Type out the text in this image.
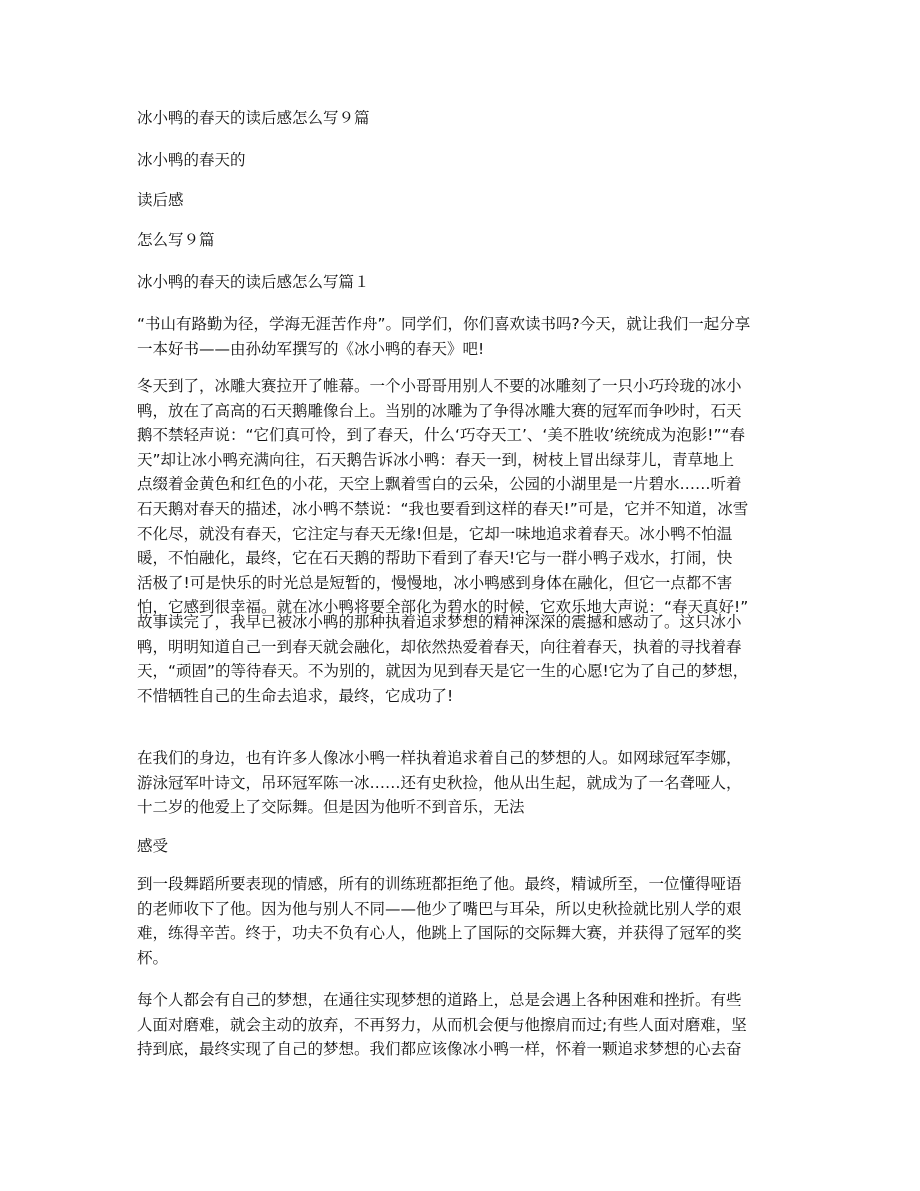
冰小鸭的春天的读后感怎么写９篇
冰小鸭的春天的
读后感
怎么写９篇
冰小鸭的春天的读后感怎么写篇１
“书山有路勤为径，学海无涯苦作舟”。同学们，你们喜欢读书吗?今天，就让我们一起分享
一本好书——由孙幼军撰写的《冰小鸭的春天》吧!
冬天到了，冰雕大赛拉开了帷幕。一个小哥哥用别人不要的冰雕刻了一只小巧玲珑的冰小
鸭，放在了高高的石天鹅雕像台上。当别的冰雕为了争得冰雕大赛的冠军而争吵时，石天
鹅不禁轻声说：“它们真可怜，到了春天，什么‘巧夺天工’、‘美不胜收’统统成为泡影!”“春
天”却让冰小鸭充满向往，石天鹅告诉冰小鸭：春天一到，树枝上冒出绿芽儿，青草地上
点缀着金黄色和红色的小花，天空上飘着雪白的云朵，公园的小湖里是一片碧水……听着
石天鹅对春天的描述，冰小鸭不禁说：“我也要看到这样的春天!”可是，它并不知道，冰雪
不化尽，就没有春天，它注定与春天无缘!但是，它却一味地追求着春天。冰小鸭不怕温
暖，不怕融化，最终，它在石天鹅的帮助下看到了春天!它与一群小鸭子戏水，打闹，快
活极了!可是快乐的时光总是短暂的，慢慢地，冰小鸭感到身体在融化，但它一点都不害
怕，它感到很幸福。就在冰小鸭将要全部化为碧水的时候，它欢乐地大声说：“春天真好!”
故事读完了，我早已被冰小鸭的那种执着追求梦想的精神深深的震撼和感动了。这只冰小
鸭，明明知道自己一到春天就会融化，却依然热爱着春天，向往着春天，执着的寻找着春
天，“顽固”的等待春天。不为别的，就因为见到春天是它一生的心愿!它为了自己的梦想，
不惜牺牲自己的生命去追求，最终，它成功了!
在我们的身边，也有许多人像冰小鸭一样执着追求着自己的梦想的人。如网球冠军李娜，
游泳冠军叶诗文，吊环冠军陈一冰……还有史秋捡，他从出生起，就成为了一名聋哑人，
十二岁的他爱上了交际舞。但是因为他听不到音乐，无法
感受
到一段舞蹈所要表现的情感，所有的训练班都拒绝了他。最终，精诚所至，一位懂得哑语
的老师收下了他。因为他与别人不同——他少了嘴巴与耳朵，所以史秋捡就比别人学的艰
难，练得辛苦。终于，功夫不负有心人，他跳上了国际的交际舞大赛，并获得了冠军的奖
杯。
每个人都会有自己的梦想，在通往实现梦想的道路上，总是会遇上各种困难和挫折。有些
人面对磨难，就会主动的放弃，不再努力，从而机会便与他擦肩而过;有些人面对磨难，坚
持到底，最终实现了自己的梦想。我们都应该像冰小鸭一样，怀着一颗追求梦想的心去奋
